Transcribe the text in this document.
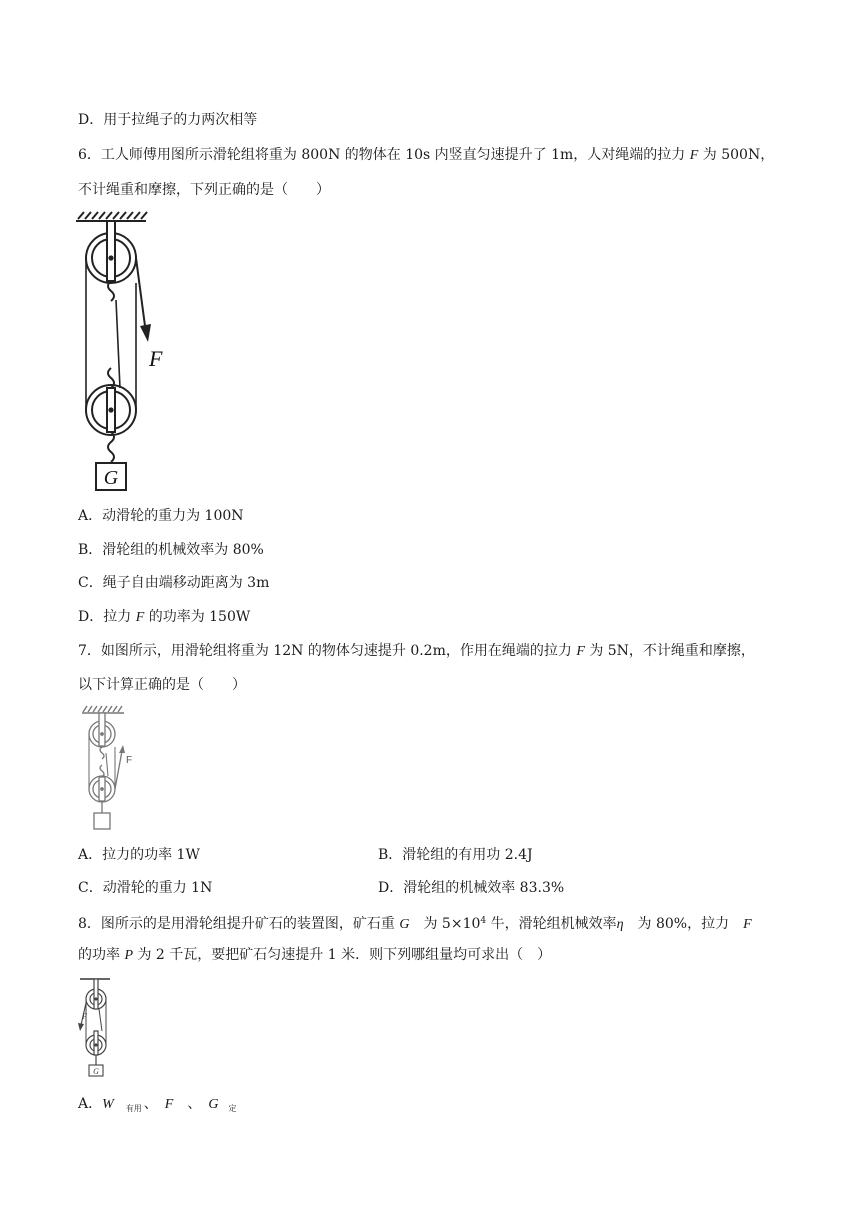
D．用于拉绳子的力两次相等
6．工人师傅用图所示滑轮组将重为 800N 的物体在 10s 内竖直匀速提升了 1m，人对绳端的拉力 F 为 500N，
不计绳重和摩擦，下列正确的是（　　）
F
G
A．动滑轮的重力为 100N
B．滑轮组的机械效率为 80%
C．绳子自由端移动距离为 3m
D．拉力 F 的功率为 150W
7．如图所示，用滑轮组将重为 12N 的物体匀速提升 0.2m，作用在绳端的拉力 F 为 5N，不计绳重和摩擦，
以下计算正确的是（　　）
F
A．拉力的功率 1W	B．滑轮组的有用功 2.4J
C．动滑轮的重力 1N	D．滑轮组的机械效率 83.3%
8．图所示的是用滑轮组提升矿石的装置图，矿石重 G　为 $5\times 10^4$ 牛，滑轮组机械效率η　为 80%，拉力　F
的功率 P 为 2 千瓦，要把矿石匀速提升 1 米．则下列哪组量均可求出（　）
F
G
A．W $_{有用}$ 、　F　、　G $_定$
